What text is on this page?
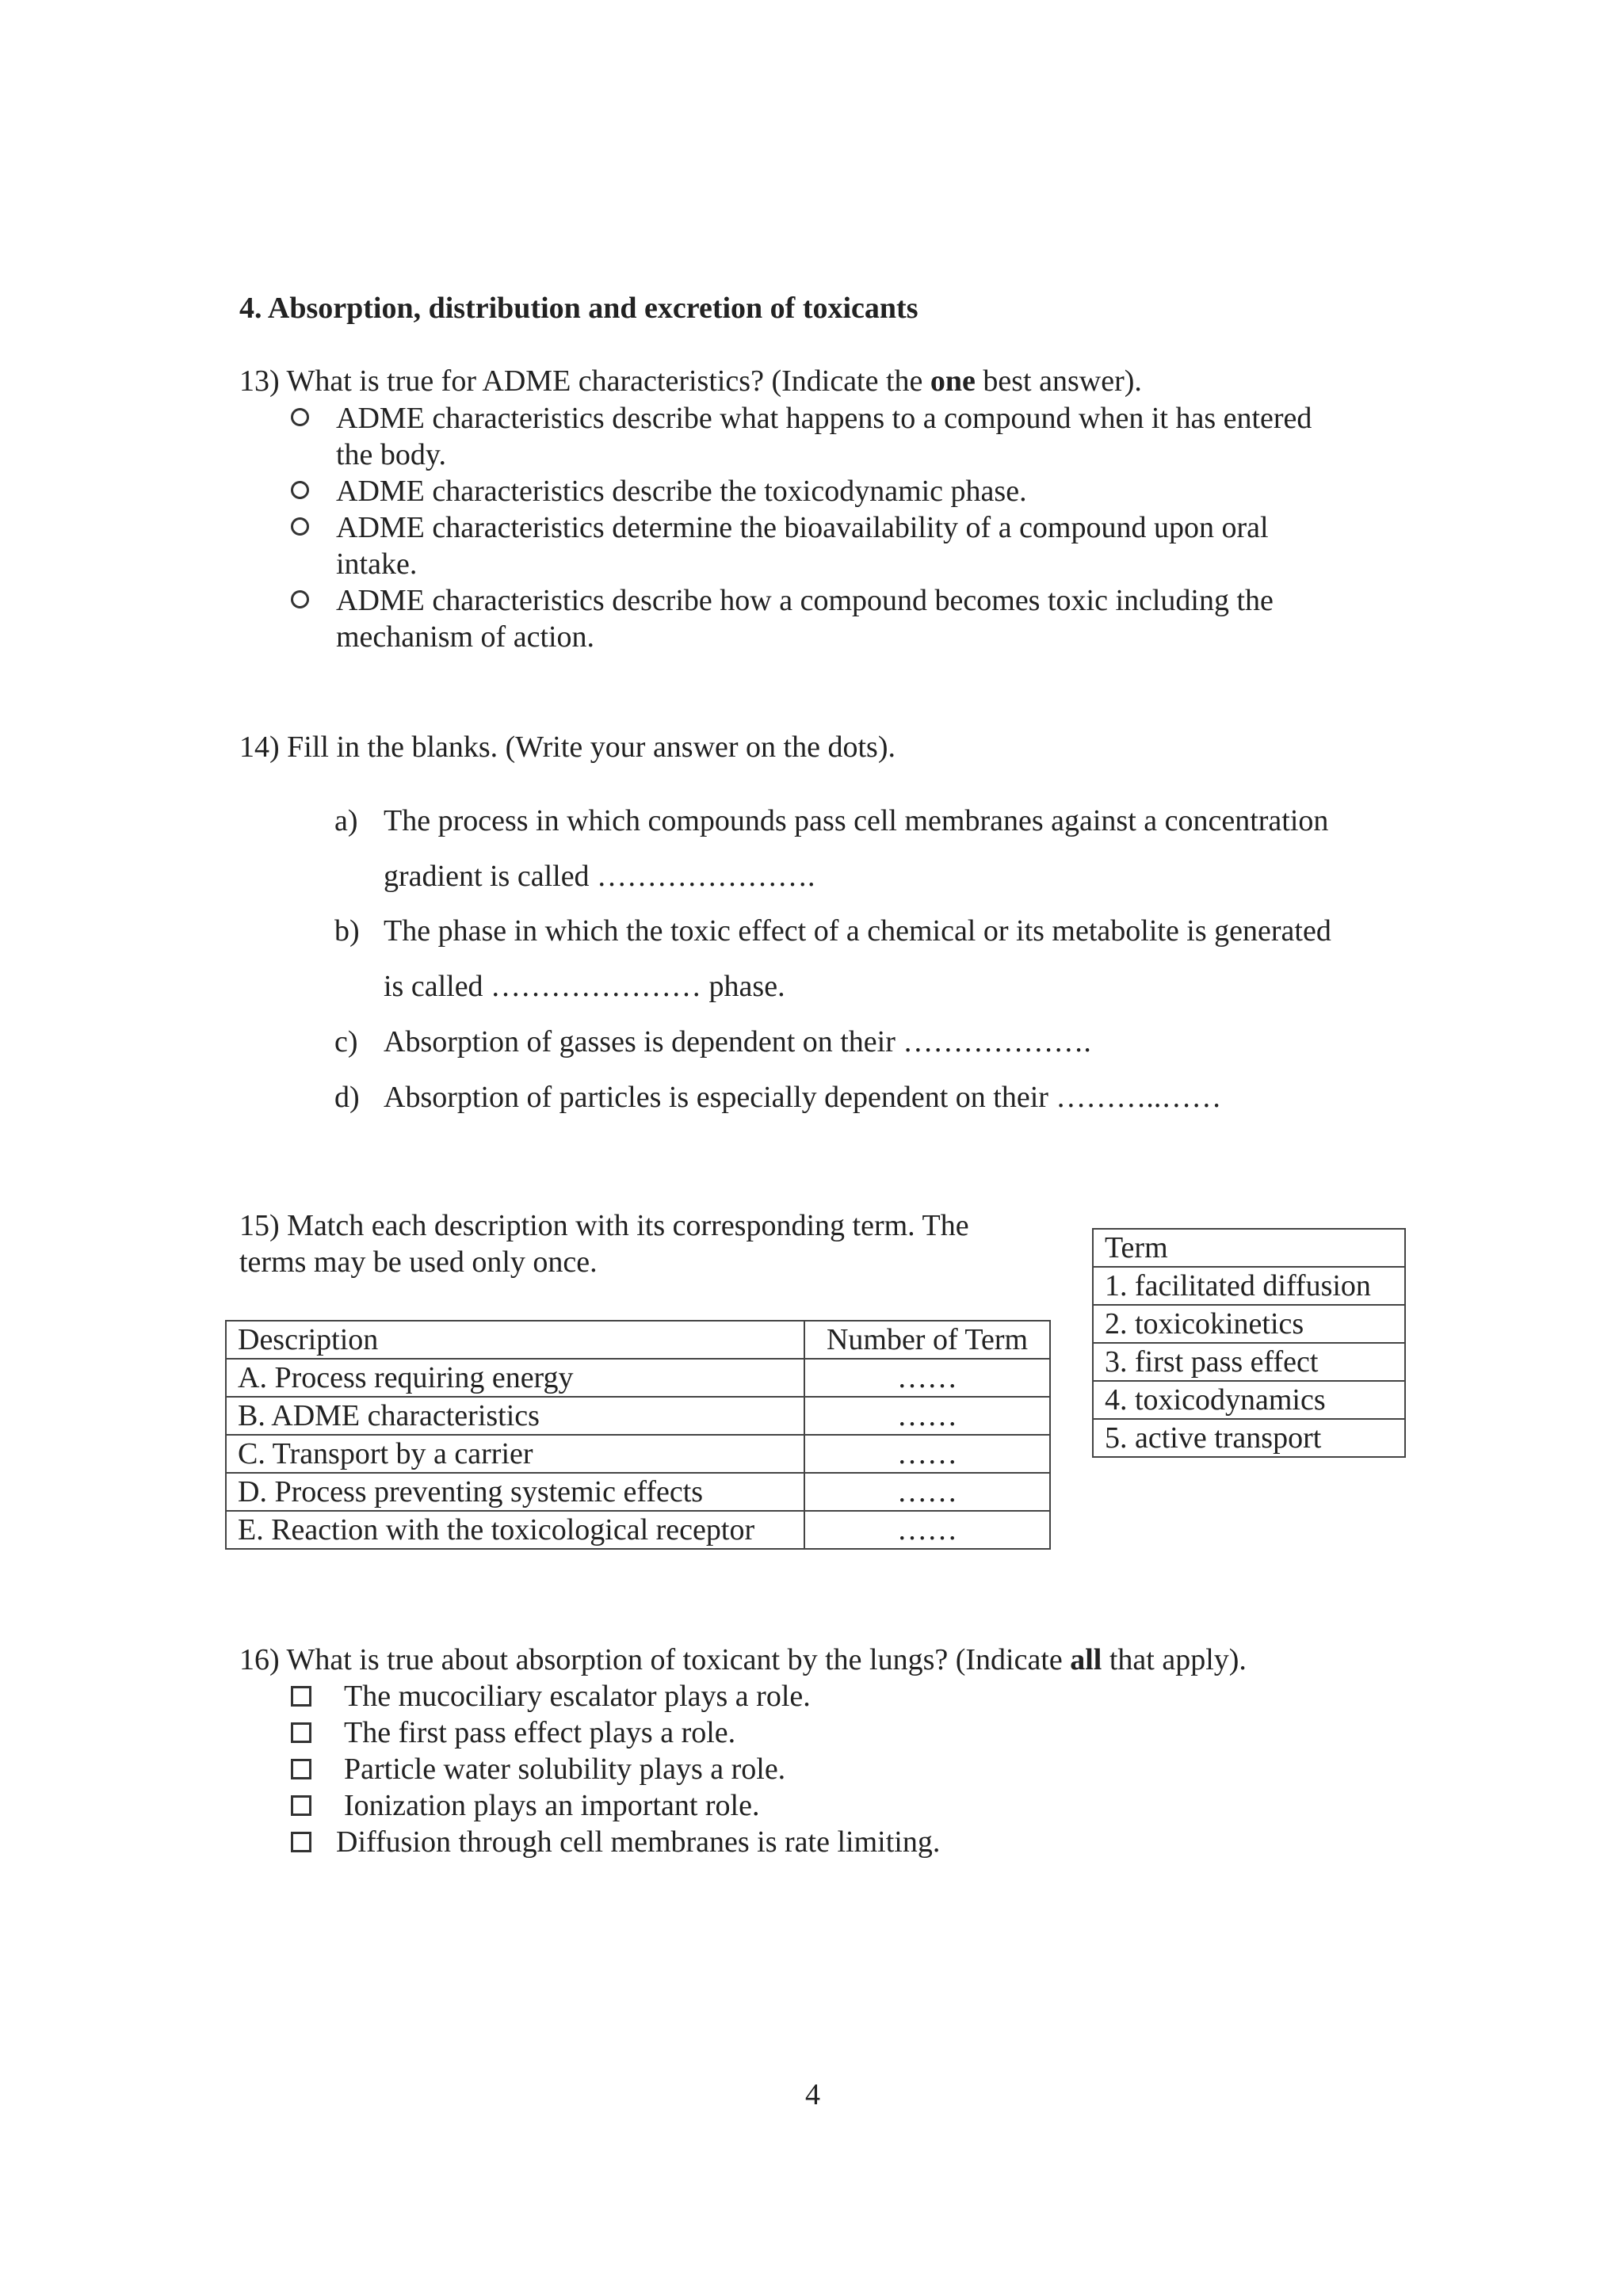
4. Absorption, distribution and excretion of toxicants
13) What is true for ADME characteristics? (Indicate the one best answer).
ADME characteristics describe what happens to a compound when it has entered
the body.
ADME characteristics describe the toxicodynamic phase.
ADME characteristics determine the bioavailability of a compound upon oral
intake.
ADME characteristics describe how a compound becomes toxic including the
mechanism of action.
14) Fill in the blanks. (Write your answer on the dots).
a) The process in which compounds pass cell membranes against a concentration
gradient is called ………………….
b) The phase in which the toxic effect of a chemical or its metabolite is generated
is called ………………… phase.
c) Absorption of gasses is dependent on their ……………….
d) Absorption of particles is especially dependent on their ………..……
15) Match each description with its corresponding term. The
terms may be used only once.
Description	Number of Term
A. Process requiring energy	……
B. ADME characteristics	……
C. Transport by a carrier	……
D. Process preventing systemic effects	……
E. Reaction with the toxicological receptor	……
Term
1. facilitated diffusion
2. toxicokinetics
3. first pass effect
4. toxicodynamics
5. active transport
16) What is true about absorption of toxicant by the lungs? (Indicate all that apply).
The mucociliary escalator plays a role.
The first pass effect plays a role.
Particle water solubility plays a role.
Ionization plays an important role.
Diffusion through cell membranes is rate limiting.
4
